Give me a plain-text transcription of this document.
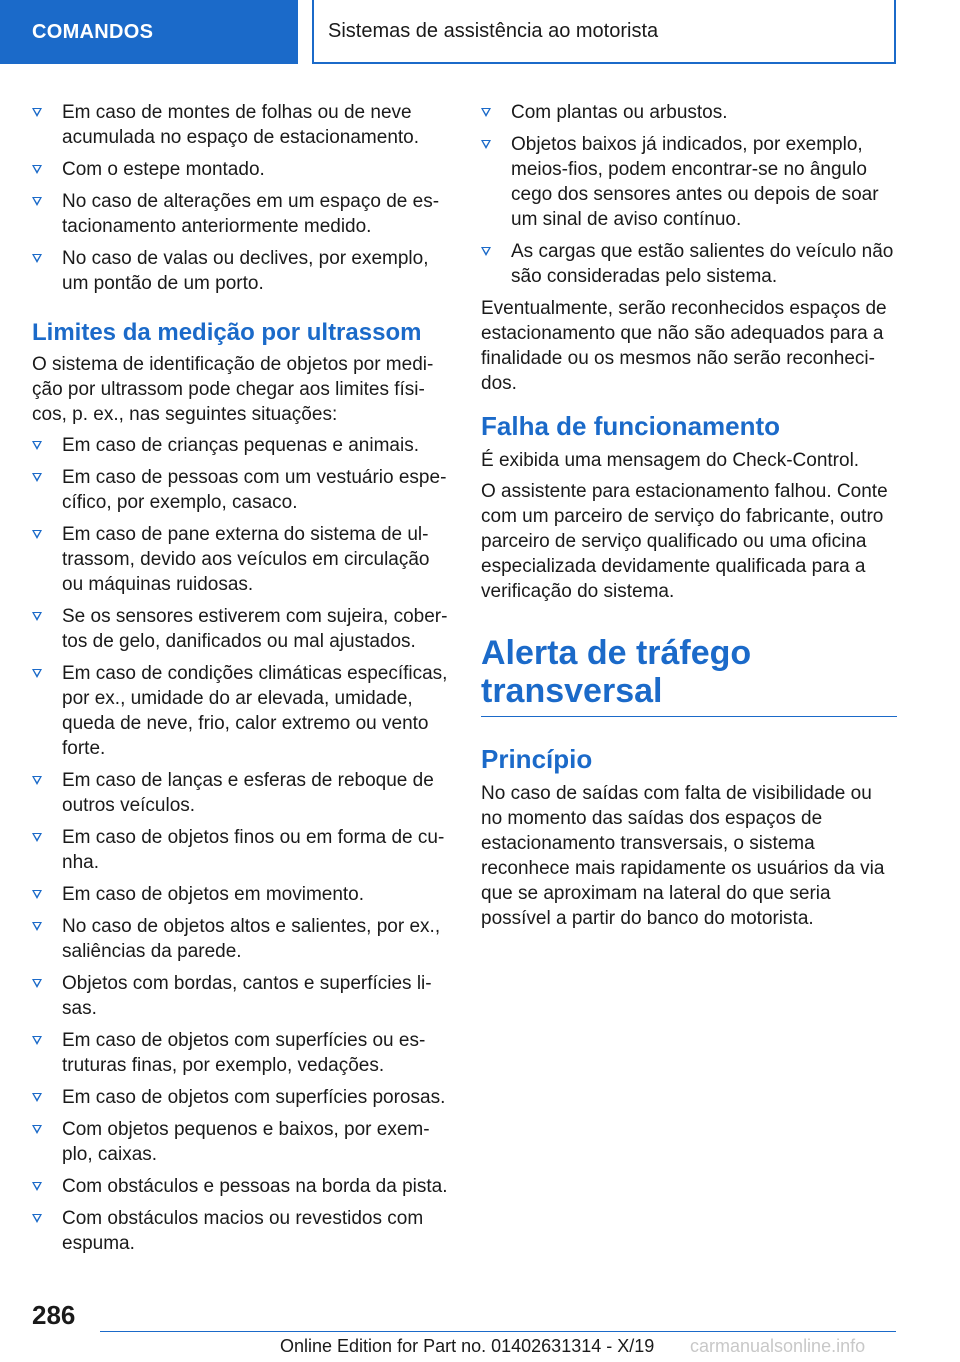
COMANDOS	Sistemas de assistência ao motorista
Em caso de montes de folhas ou de neve acumulada no espaço de estacionamento.
Com o estepe montado.
No caso de alterações em um espaço de estacionamento anteriormente medido.
No caso de valas ou declives, por exemplo, um pontão de um porto.
Limites da medição por ultrassom

O sistema de identificação de objetos por medição por ultrassom pode chegar aos limites físicos, p. ex., nas seguintes situações:

Em caso de crianças pequenas e animais.
Em caso de pessoas com um vestuário específico, por exemplo, casaco.
Em caso de pane externa do sistema de ultrassom, devido aos veículos em circulação ou máquinas ruidosas.
Se os sensores estiverem com sujeira, cobertos de gelo, danificados ou mal ajustados.
Em caso de condições climáticas específicas, por ex., umidade do ar elevada, umidade, queda de neve, frio, calor extremo ou vento forte.
Em caso de lanças e esferas de reboque de outros veículos.
Em caso de objetos finos ou em forma de cunha.
Em caso de objetos em movimento.
No caso de objetos altos e salientes, por ex., saliências da parede.
Objetos com bordas, cantos e superfícies lisas.
Em caso de objetos com superfícies ou estruturas finas, por exemplo, vedações.
Em caso de objetos com superfícies porosas.
Com objetos pequenos e baixos, por exemplo, caixas.
Com obstáculos e pessoas na borda da pista.
Com obstáculos macios ou revestidos com espuma.
Com plantas ou arbustos.
Objetos baixos já indicados, por exemplo, meios-fios, podem encontrar-se no ângulo cego dos sensores antes ou depois de soar um sinal de aviso contínuo.
As cargas que estão salientes do veículo não são consideradas pelo sistema.

Eventualmente, serão reconhecidos espaços de estacionamento que não são adequados para a finalidade ou os mesmos não serão reconhecidos.

Falha de funcionamento

É exibida uma mensagem do Check-Control.

O assistente para estacionamento falhou. Conte com um parceiro de serviço do fabricante, outro parceiro de serviço qualificado ou uma oficina especializada devidamente qualificada para a verificação do sistema.

Alerta de tráfego transversal
Princípio

No caso de saídas com falta de visibilidade ou no momento das saídas dos espaços de estacionamento transversais, o sistema reconhece mais rapidamente os usuários da via que se aproximam na lateral do que seria possível a partir do banco do motorista.

286
Online Edition for Part no. 01402631314 - X/19 carmanualsonline.info
